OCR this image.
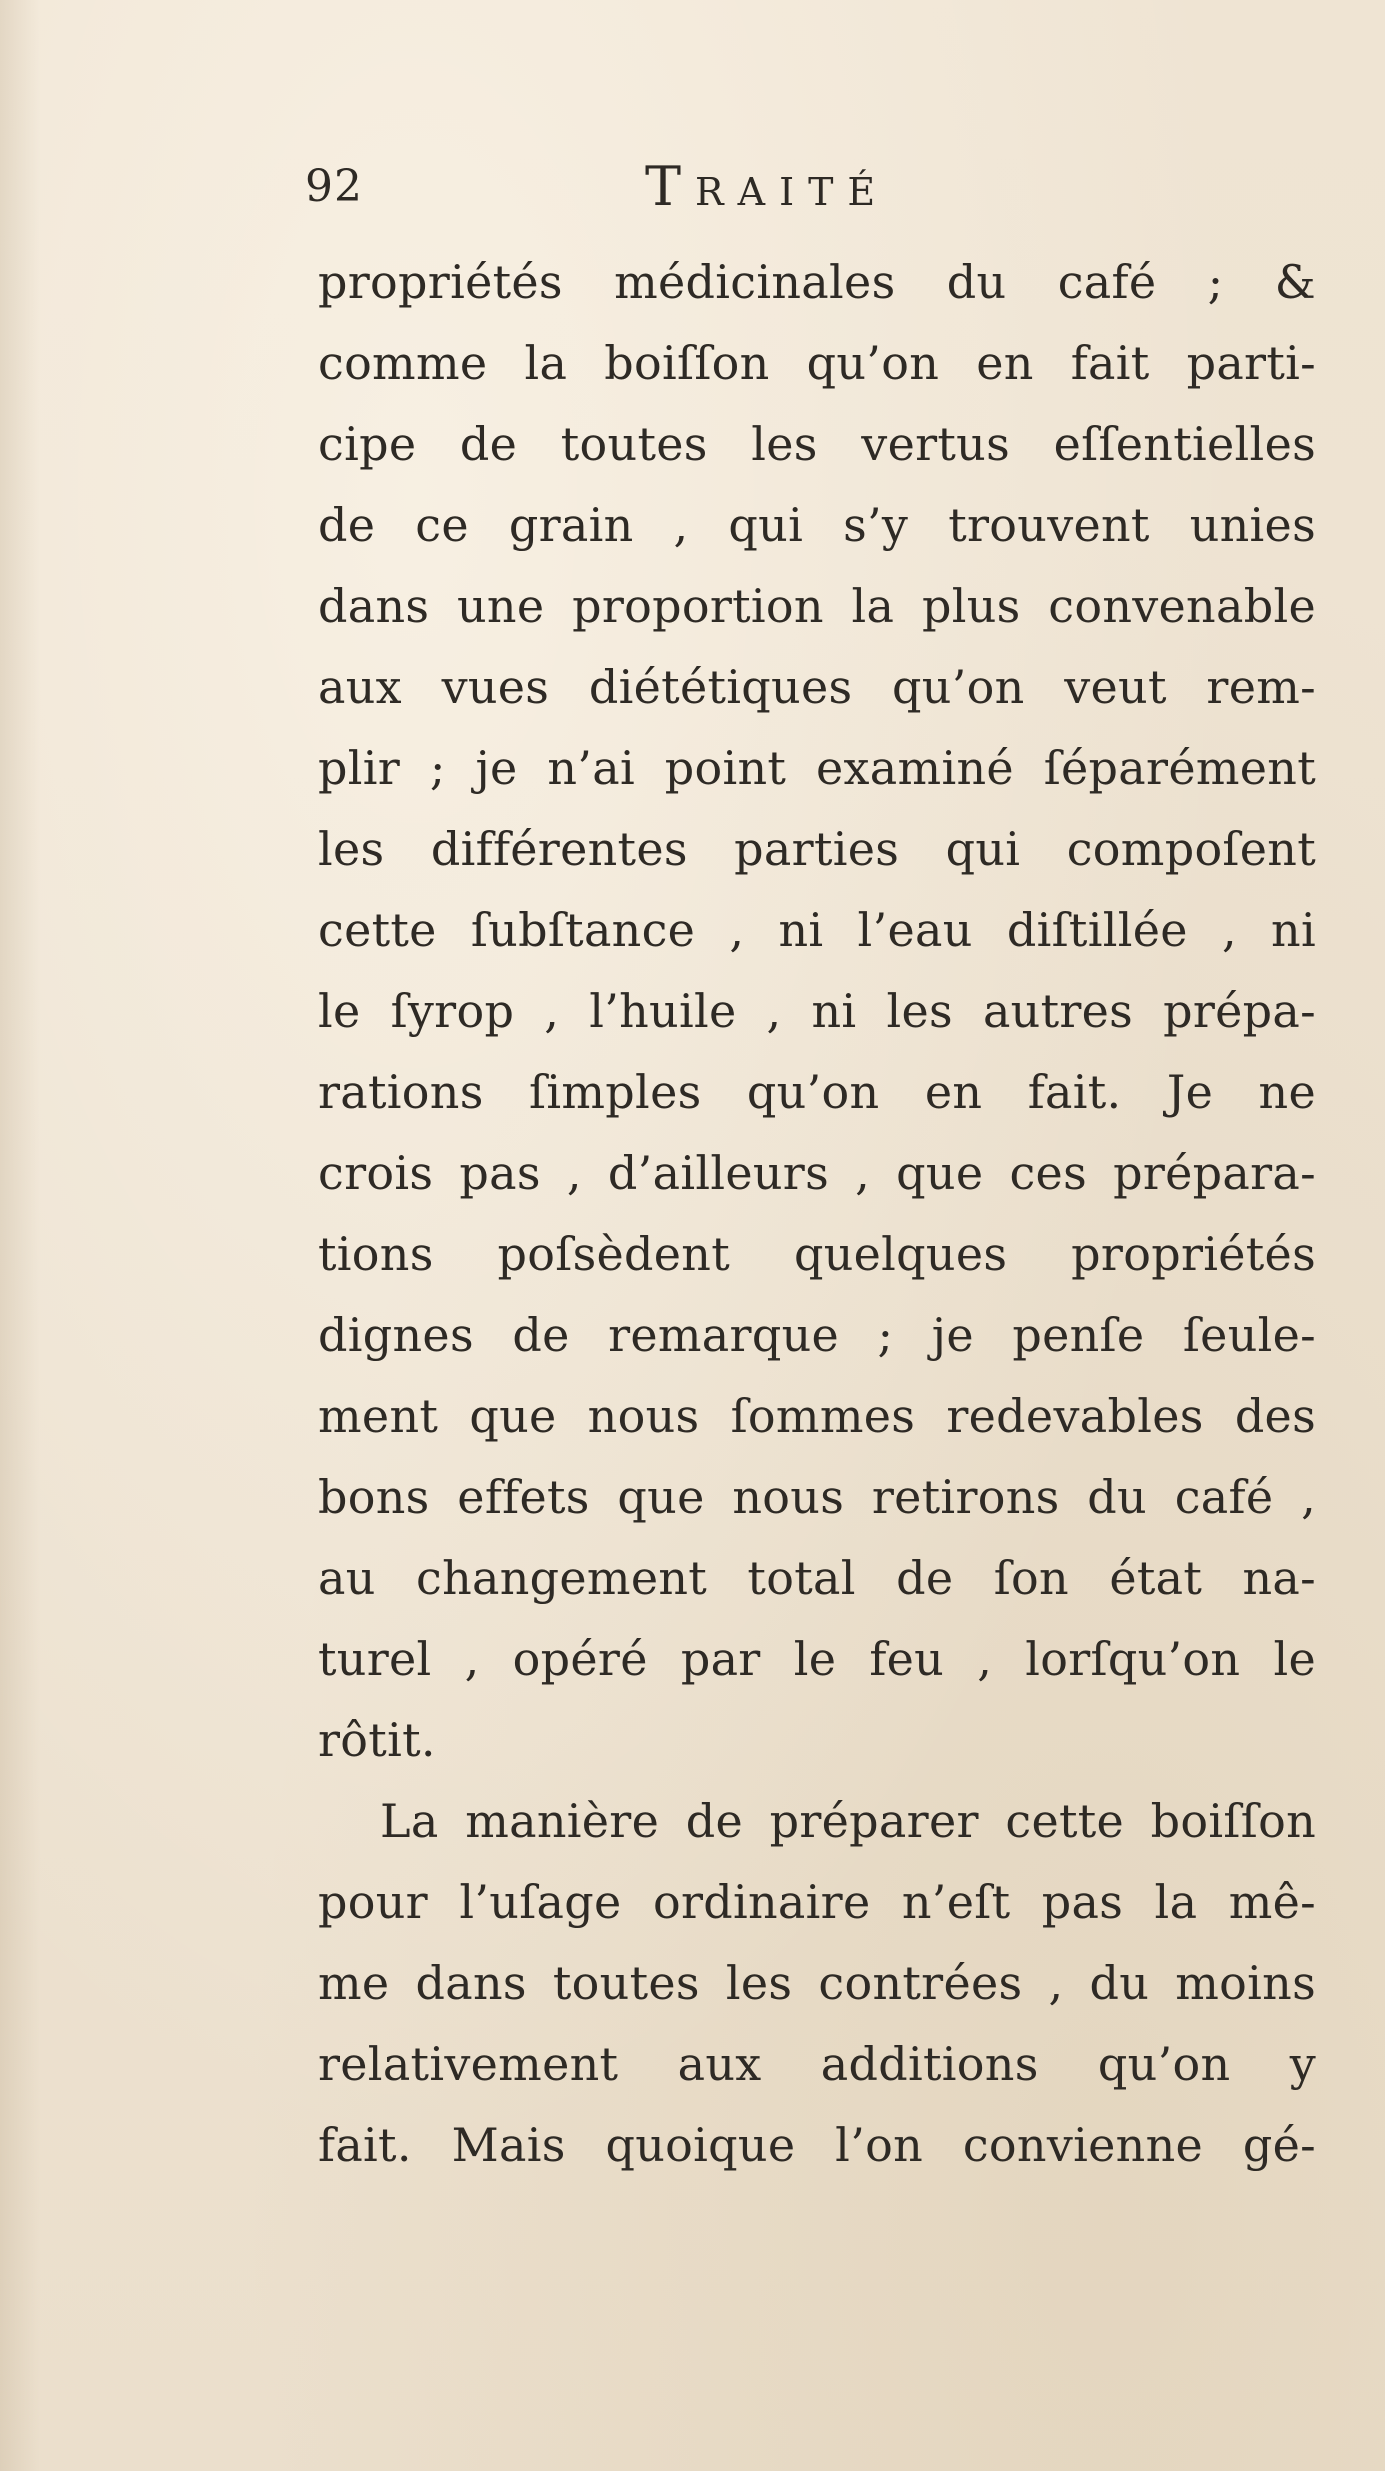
92	Traité
propriétés médicinales du café ; &
comme la boiſſon qu’on en fait parti-
cipe de toutes les vertus eſſentielles
de ce grain , qui s’y trouvent unies
dans une proportion la plus convenable
aux vues diététiques qu’on veut rem-
plir ; je n’ai point examiné ſéparément
les différentes parties qui compoſent
cette ſubſtance , ni l’eau diſtillée , ni
le ſyrop , l’huile , ni les autres prépa-
rations ſimples qu’on en fait. Je ne
crois pas , d’ailleurs , que ces prépara-
tions poſsèdent quelques propriétés
dignes de remarque ; je penſe ſeule-
ment que nous ſommes redevables des
bons effets que nous retirons du café ,
au changement total de ſon état na-
turel , opéré par le feu , lorſqu’on le
rôtit.
La manière de préparer cette boiſſon
pour l’uſage ordinaire n’eſt pas la mê-
me dans toutes les contrées , du moins
relativement aux additions qu’on y
fait. Mais quoique l’on convienne gé-
